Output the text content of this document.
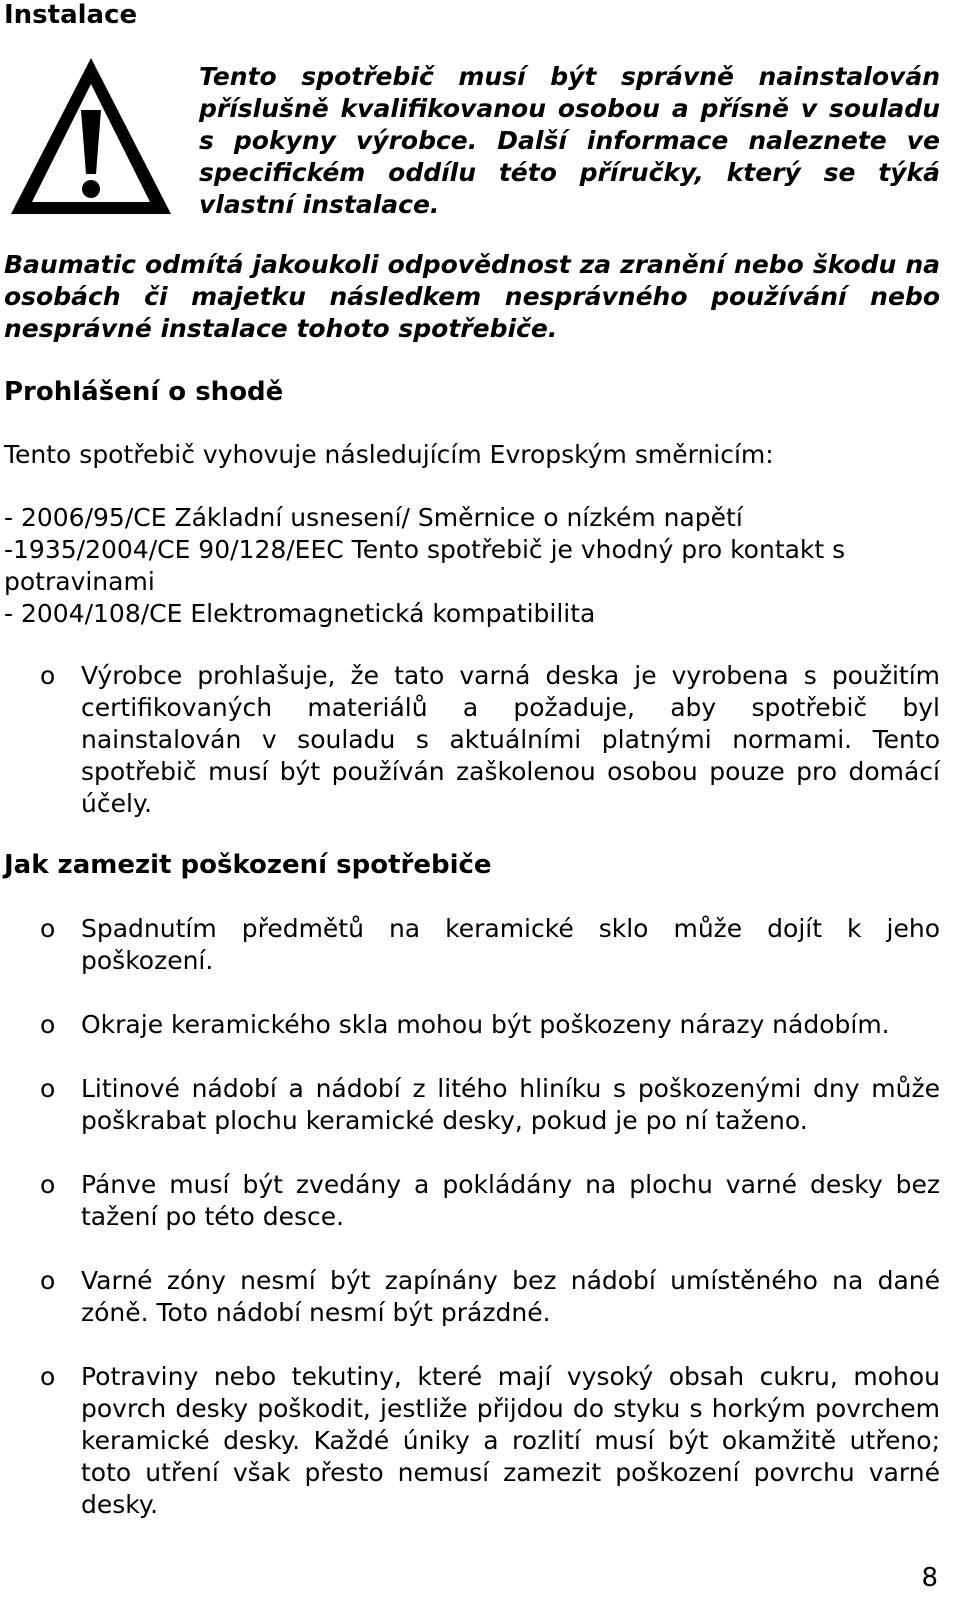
Instalace

Tento spotřebič musí být správně nainstalován příslušně kvalifikovanou osobou a přísně v souladu s pokyny výrobce. Další informace naleznete ve specifickém oddílu této příručky, který se týká vlastní instalace.

Baumatic odmítá jakoukoli odpovědnost za zranění nebo škodu na osobách či majetku následkem nesprávného používání nebo nesprávné instalace tohoto spotřebiče.

Prohlášení o shodě

Tento spotřebič vyhovuje následujícím Evropským směrnicím:

- 2006/95/CE Základní usnesení/ Směrnice o nízkém napětí
-1935/2004/CE 90/128/EEC Tento spotřebič je vhodný pro kontakt s potravinami
- 2004/108/CE Elektromagnetická kompatibilita
o Výrobce prohlašuje, že tato varná deska je vyrobena s použitím certifikovaných materiálů a požaduje, aby spotřebič byl nainstalován v souladu s aktuálními platnými normami. Tento spotřebič musí být používán zaškolenou osobou pouze pro domácí účely.
Jak zamezit poškození spotřebiče
o Spadnutím předmětů na keramické sklo může dojít k jeho poškození.
o Okraje keramického skla mohou být poškozeny nárazy nádobím.
o Litinové nádobí a nádobí z litého hliníku s poškozenými dny může poškrabat plochu keramické desky, pokud je po ní taženo.
o Pánve musí být zvedány a pokládány na plochu varné desky bez tažení po této desce.
o Varné zóny nesmí být zapínány bez nádobí umístěného na dané zóně. Toto nádobí nesmí být prázdné.
o Potraviny nebo tekutiny, které mají vysoký obsah cukru, mohou povrch desky poškodit, jestliže přijdou do styku s horkým povrchem keramické desky. Každé úniky a rozlití musí být okamžitě utřeno; toto utření však přesto nemusí zamezit poškození povrchu varné desky.
8
